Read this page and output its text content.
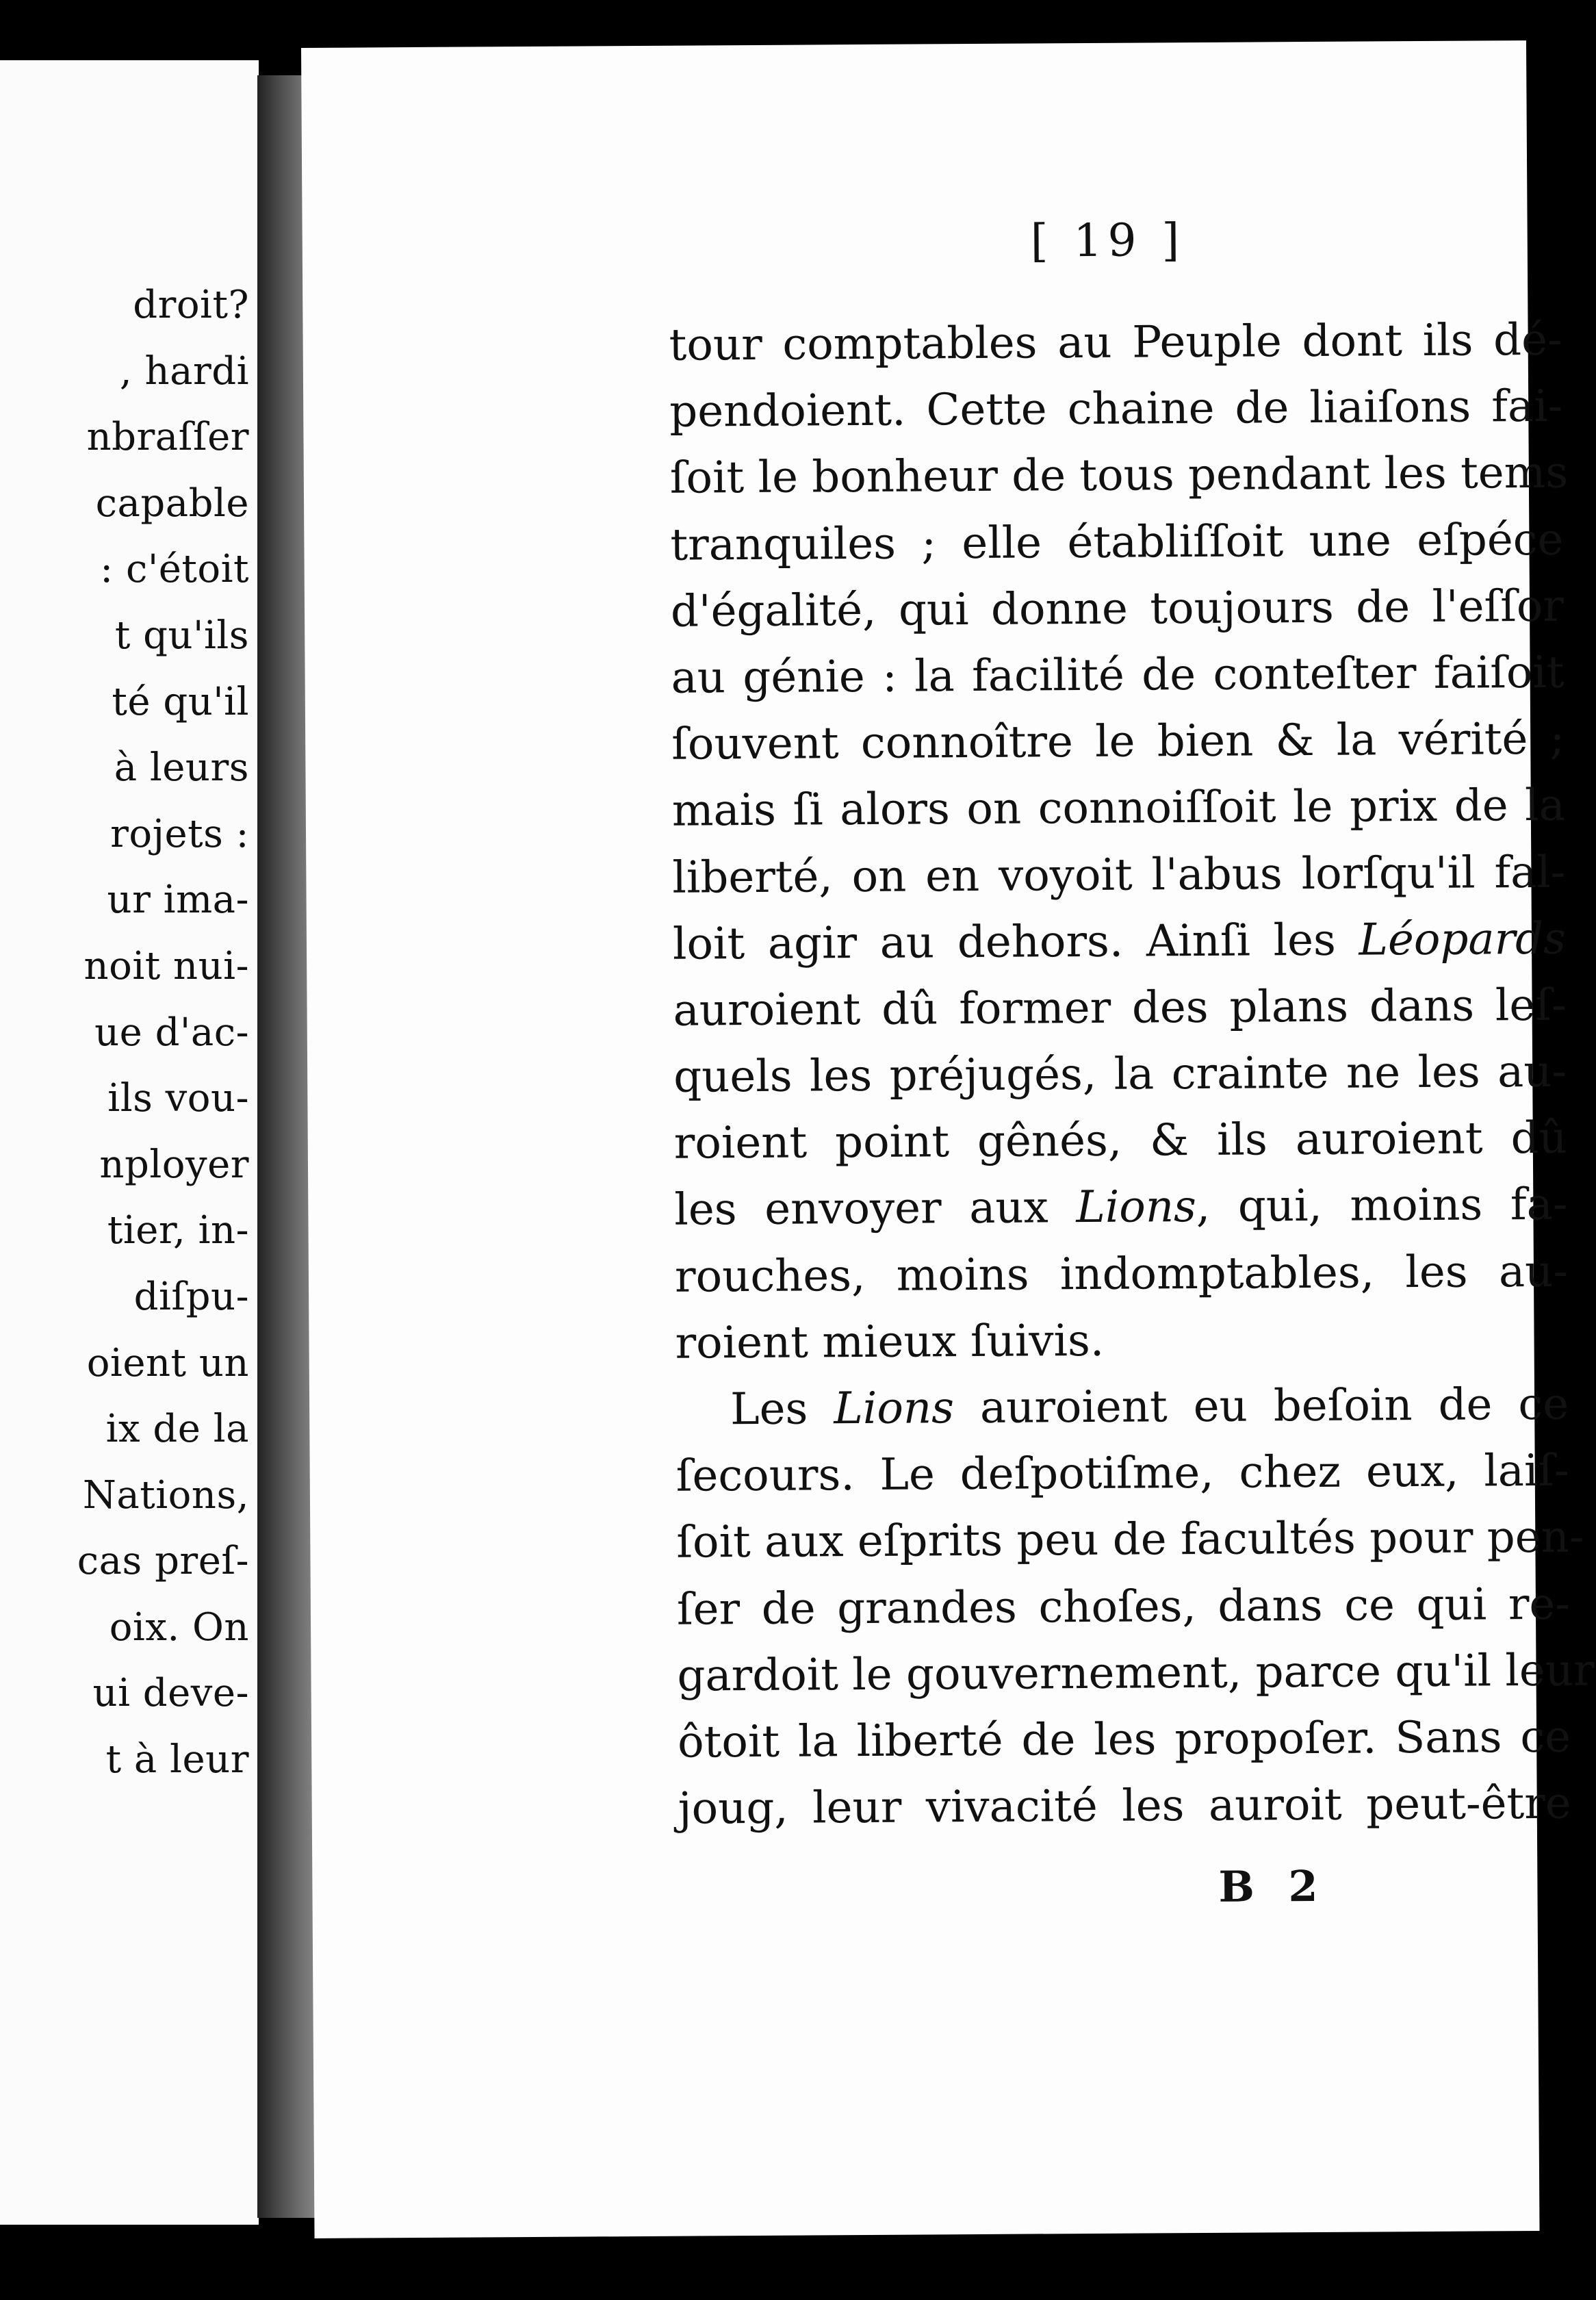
droit?
, hardi
nbraſſer
capable
: c'étoit
t qu'ils
té qu'il
à leurs
rojets :
ur ima-
noit nui-
ue d'ac-
ils vou-
nployer
tier, in-
diſpu-
oient un
ix de la
Nations,
cas preſ-
oix. On
ui deve-
t à leur
[ 19 ]
tour comptables au Peuple dont ils dé-
pendoient. Cette chaine de liaiſons fai-
ſoit le bonheur de tous pendant les tems
tranquiles ; elle établiſſoit une eſpéce
d'égalité, qui donne toujours de l'eſſor
au génie : la facilité de conteſter faiſoit
ſouvent connoître le bien & la vérité ;
mais ſi alors on connoiſſoit le prix de la
liberté, on en voyoit l'abus lorſqu'il fal-
loit agir au dehors. Ainſi les Léopards
auroient dû former des plans dans leſ-
quels les préjugés, la crainte ne les au-
roient point gênés, & ils auroient dû
les envoyer aux Lions, qui, moins fa-
rouches, moins indomptables, les au-
roient mieux ſuivis.
Les Lions auroient eu beſoin de ce
ſecours. Le deſpotiſme, chez eux, laiſ-
ſoit aux eſprits peu de facultés pour pen-
ſer de grandes choſes, dans ce qui re-
gardoit le gouvernement, parce qu'il leur
ôtoit la liberté de les propoſer. Sans ce
joug, leur vivacité les auroit peut-être
B 2
